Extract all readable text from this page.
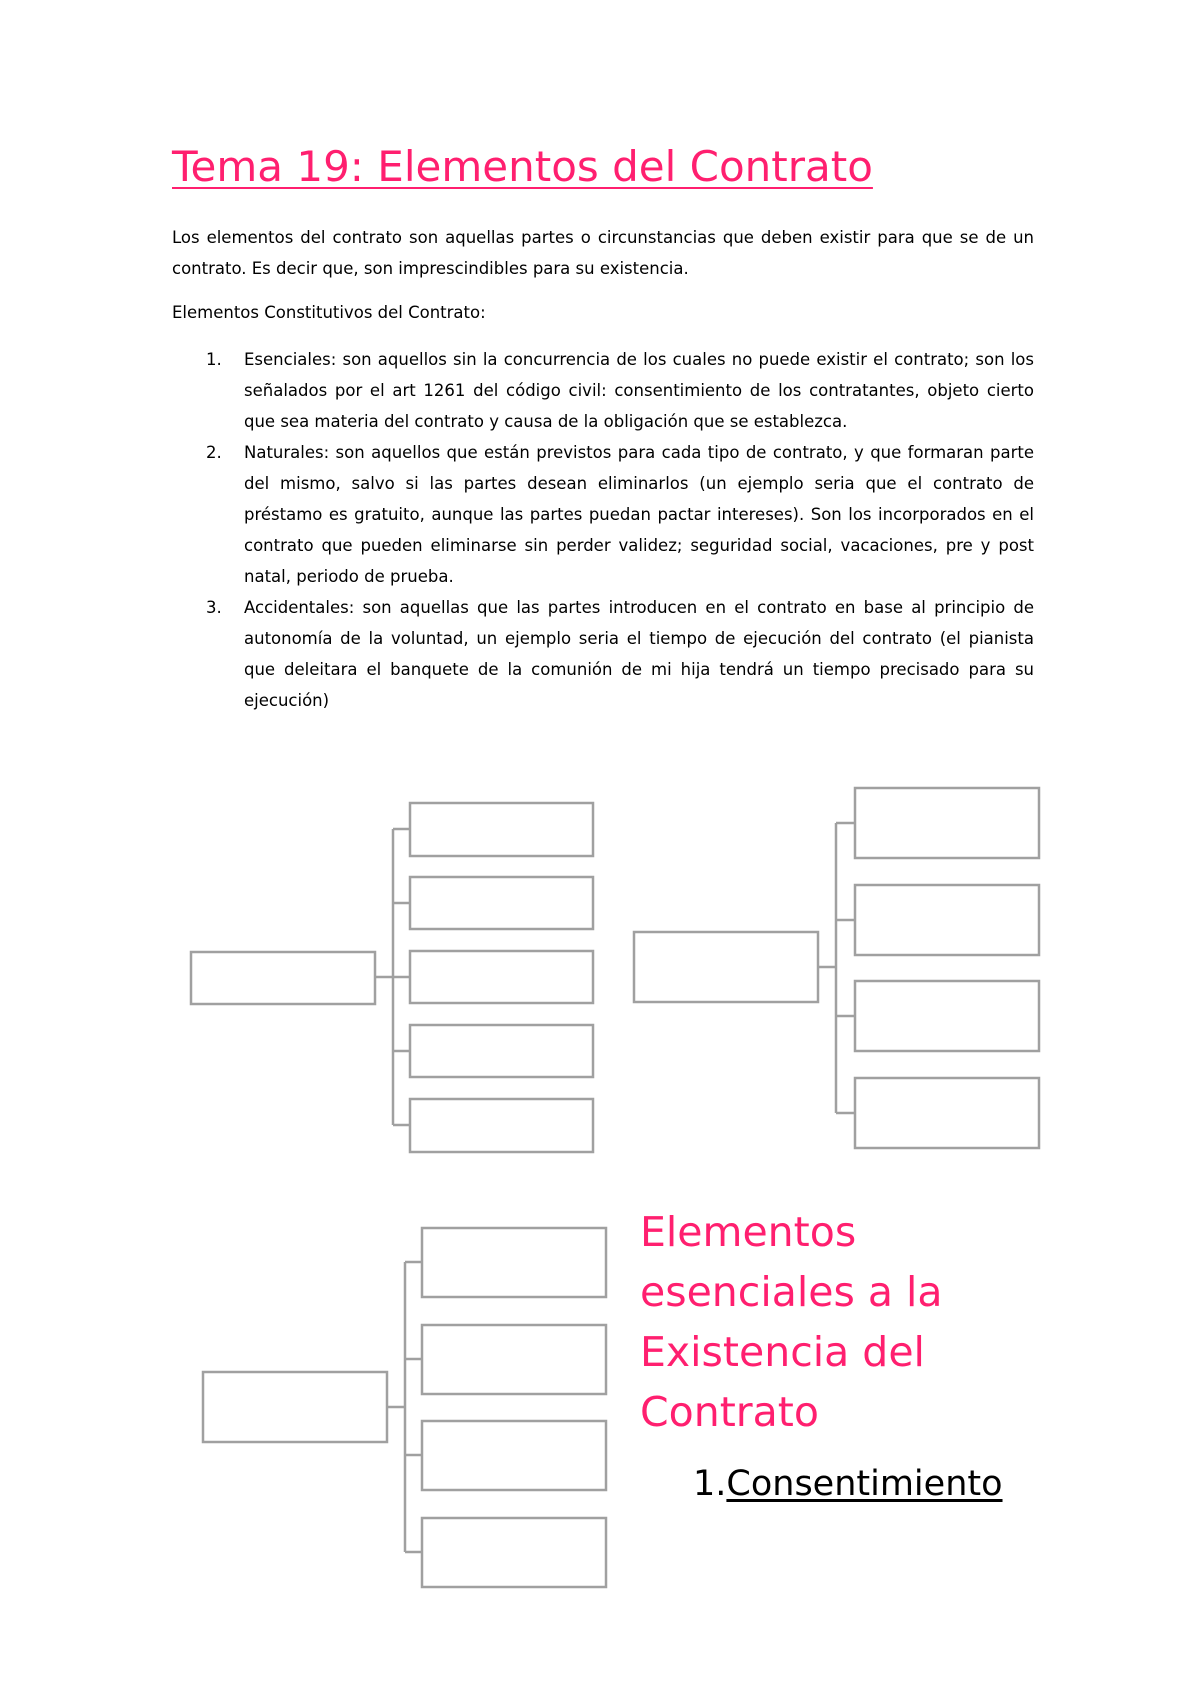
Tema 19: Elementos del Contrato

Los elementos del contrato son aquellas partes o circunstancias que deben existir para que se de un contrato. Es decir que, son imprescindibles para su existencia.

Elementos Constitutivos del Contrato:

1. Esenciales: son aquellos sin la concurrencia de los cuales no puede existir el contrato; son los señalados por el art 1261 del código civil: consentimiento de los contratantes, objeto cierto que sea materia del contrato y causa de la obligación que se establezca.
2. Naturales: son aquellos que están previstos para cada tipo de contrato, y que formaran parte del mismo, salvo si las partes desean eliminarlos (un ejemplo seria que el contrato de préstamo es gratuito, aunque las partes puedan pactar intereses). Son los incorporados en el contrato que pueden eliminarse sin perder validez; seguridad social, vacaciones, pre y post natal, periodo de prueba.
3. Accidentales: son aquellas que las partes introducen en el contrato en base al principio de autonomía de la voluntad, un ejemplo seria el tiempo de ejecución del contrato (el pianista que deleitara el banquete de la comunión de mi hija tendrá un tiempo precisado para su ejecución)
Elementos esenciales a la Existencia del Contrato

1.Consentimiento
